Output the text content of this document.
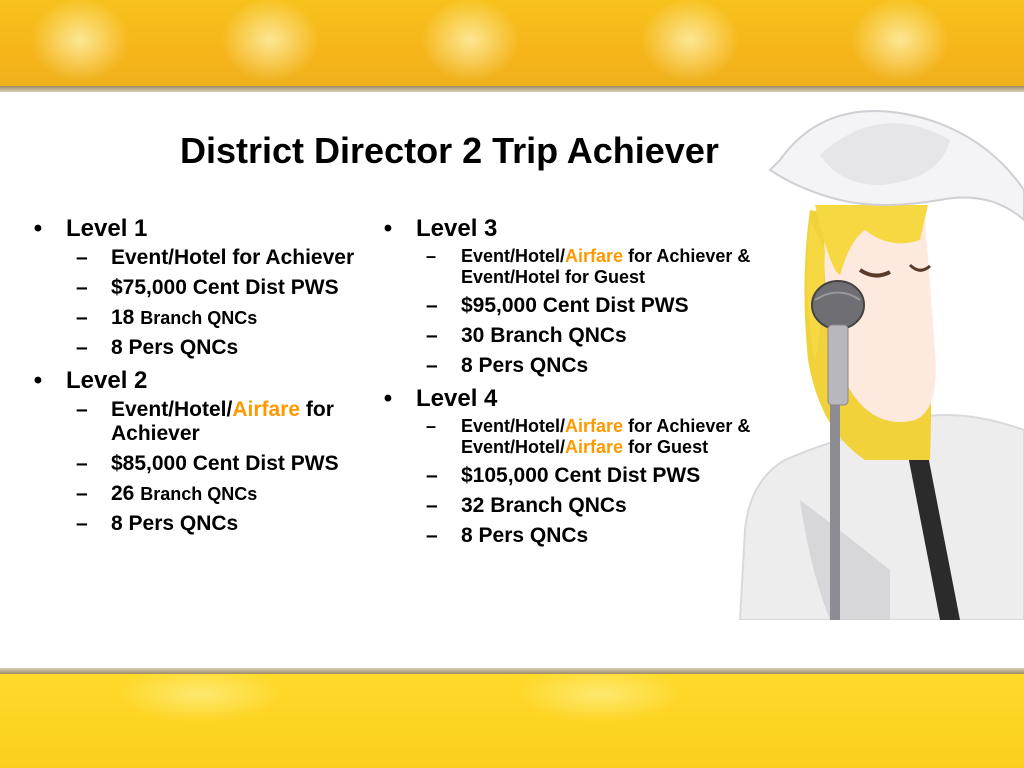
District Director 2 Trip Achiever
• Level 1
– Event/Hotel for Achiever
– $75,000 Cent Dist PWS
– 18 Branch QNCs
– 8 Pers QNCs
• Level 2
– Event/Hotel/Airfare for Achiever
– $85,000 Cent Dist PWS
– 26 Branch QNCs
– 8 Pers QNCs
• Level 3
– Event/Hotel/Airfare for Achiever & Event/Hotel for Guest
– $95,000 Cent Dist PWS
– 30 Branch QNCs
– 8 Pers QNCs
• Level 4
– Event/Hotel/Airfare for Achiever & Event/Hotel/Airfare for Guest
– $105,000 Cent Dist PWS
– 32 Branch QNCs
– 8 Pers QNCs
